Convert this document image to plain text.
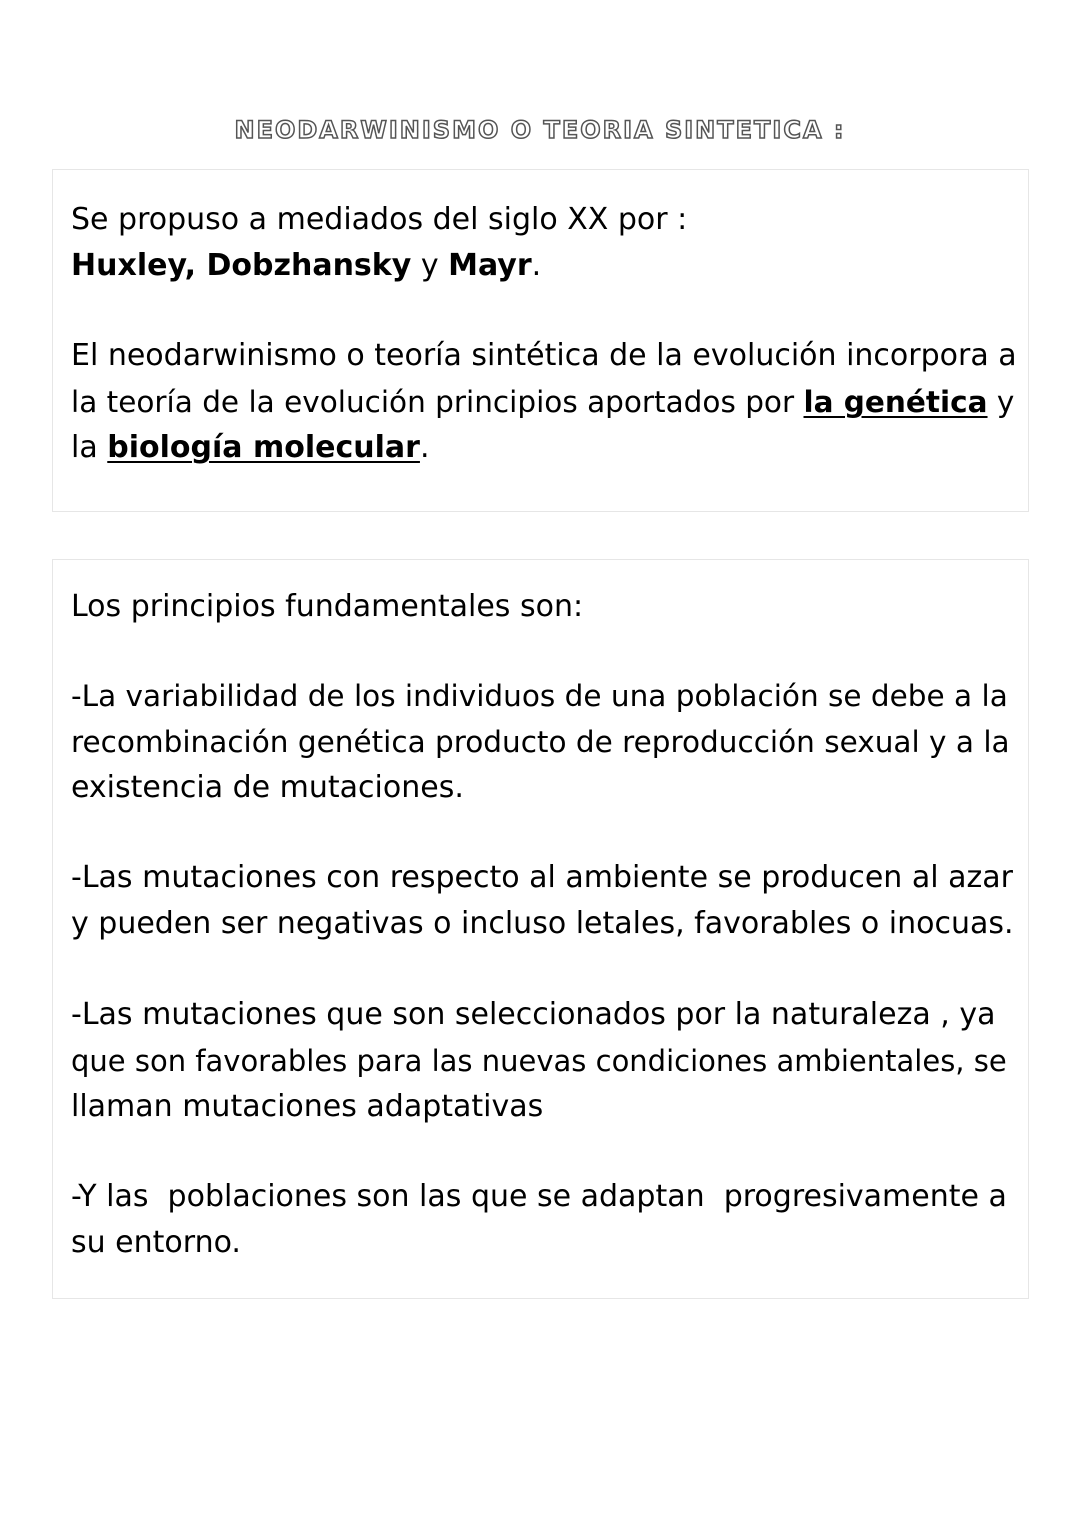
NEODARWINISMO O TEORIA SINTETICA :
Se propuso a mediados del siglo XX por :
Huxley, Dobzhansky y Mayr.
El neodarwinismo o teoría sintética de la evolución incorpora a
la teoría de la evolución principios aportados por la genética y
la biología molecular.
Los principios fundamentales son:
-La variabilidad de los individuos de una población se debe a la
recombinación genética producto de reproducción sexual y a la
existencia de mutaciones.
-Las mutaciones con respecto al ambiente se producen al azar
y pueden ser negativas o incluso letales, favorables o inocuas.
-Las mutaciones que son seleccionados por la naturaleza , ya
que son favorables para las nuevas condiciones ambientales, se
llaman mutaciones adaptativas
-Y las  poblaciones son las que se adaptan  progresivamente a
su entorno.
